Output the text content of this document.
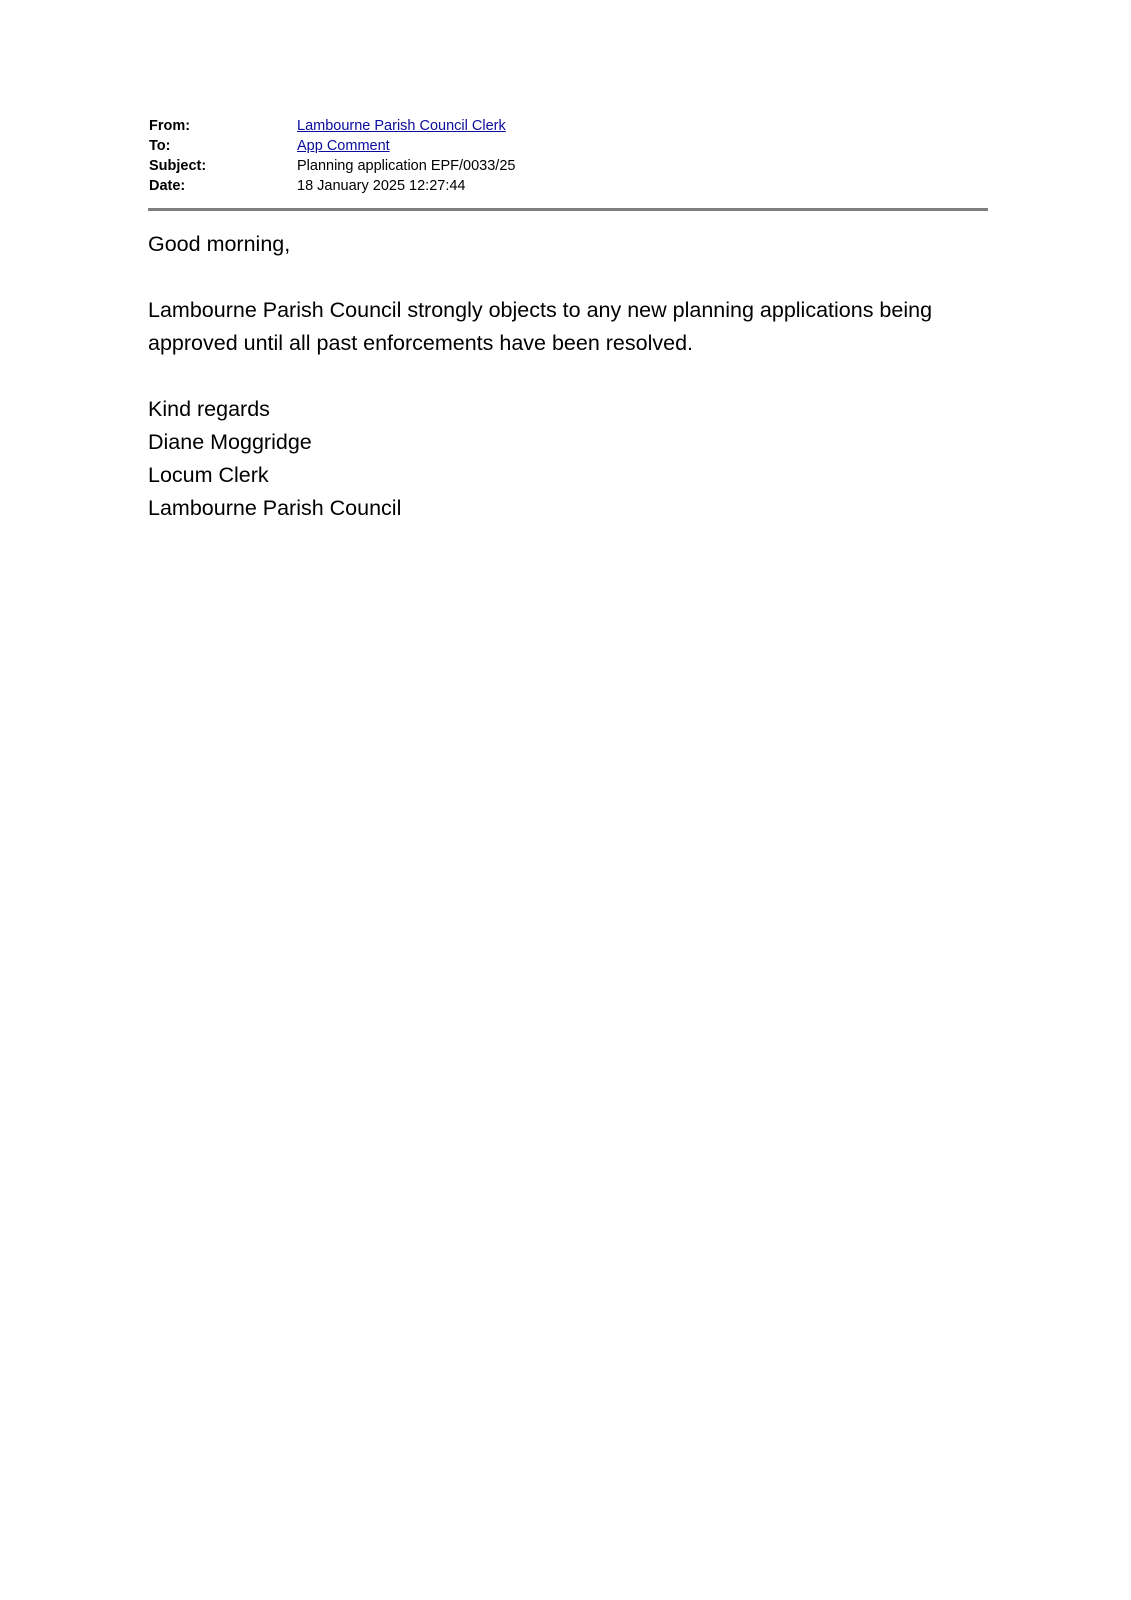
From:	Lambourne Parish Council Clerk
To:	App Comment
Subject:	Planning application EPF/0033/25
Date:	18 January 2025 12:27:44

Good morning,

Lambourne Parish Council strongly objects to any new planning applications being approved until all past enforcements have been resolved.

Kind regards

Diane Moggridge

Locum Clerk

Lambourne Parish Council
